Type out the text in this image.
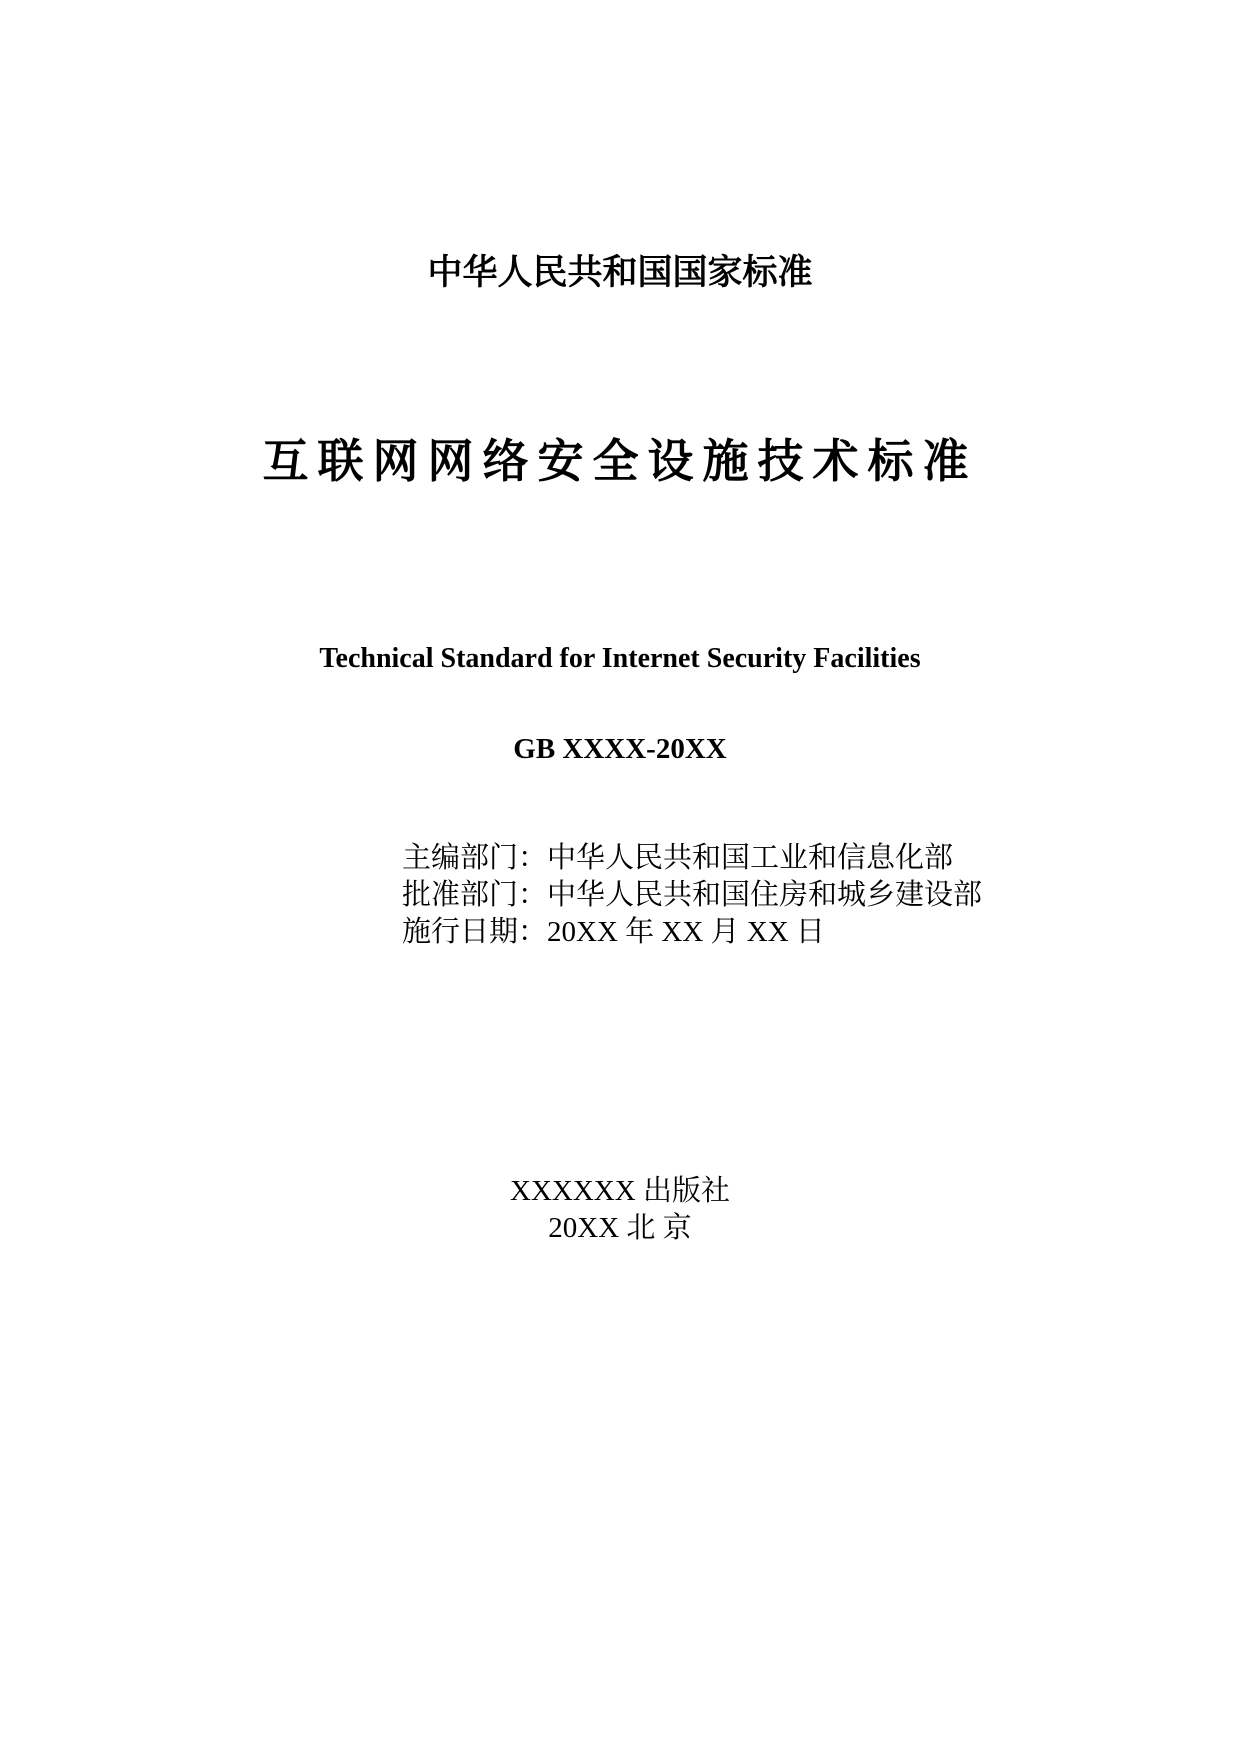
中华人民共和国国家标准
互联网网络安全设施技术标准
Technical Standard for Internet Security Facilities
GB XXXX-20XX
主编部门：中华人民共和国工业和信息化部
批准部门：中华人民共和国住房和城乡建设部
施行日期：20XX 年 XX 月 XX 日
XXXXXX 出版社
20XX 北 京
